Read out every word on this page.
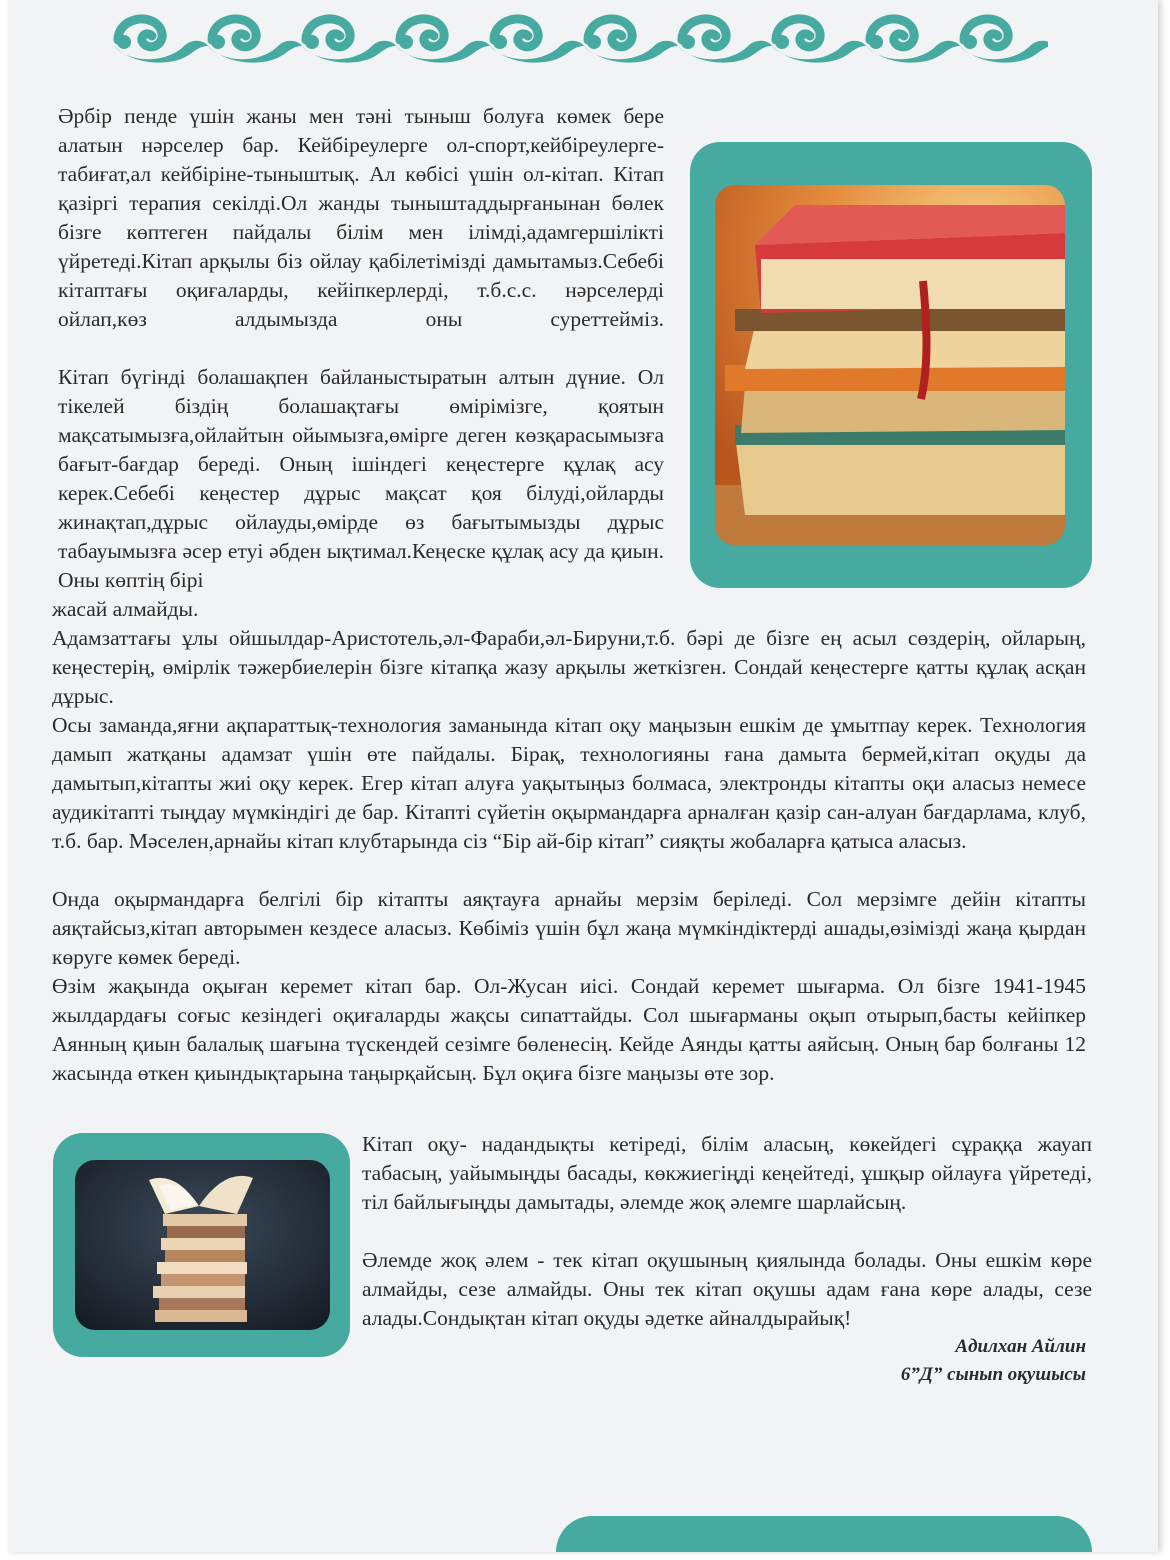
Әрбір пенде үшін жаны мен тәні тыныш болуға көмек бере алатын нәрселер бар. Кейбіреулерге ол-спорт,кейбіреулерге-табиғат,ал кейбіріне-тыныштық. Ал көбісі үшін ол-кітап. Кітап қазіргі терапия секілді.Ол жанды тыныштаддырғанынан бөлек бізге көптеген пайдалы білім мен ілімді,адамгершілікті үйретеді.Кітап арқылы біз ойлау қабілетімізді дамытамыз.Себебі кітаптағы оқиғаларды, кейіпкерлерді, т.б.с.с. нәрселерді ойлап,көз алдымызда оны суреттейміз.

Кітап бүгінді болашақпен байланыстыратын алтын дүние. Ол тікелей біздің болашақтағы өмірімізге, қоятын мақсатымызға,ойлайтын ойымызға,өмірге деген көзқарасымызға бағыт-бағдар береді. Оның ішіндегі кеңестерге құлақ асу керек.Себебі кеңестер дұрыс мақсат қоя білуді,ойларды жинақтап,дұрыс ойлауды,өмірде өз бағытымызды дұрыс табауымызға әсер етуі әбден ықтимал.Кеңеске құлақ асу да қиын. Оны көптің бірі

жасай алмайды.

Адамзаттағы ұлы ойшылдар-Аристотель,әл-Фараби,әл-Бируни,т.б. бәрі де бізге ең асыл сөздерің, ойларың, кеңестерің, өмірлік тәжербиелерін бізге кітапқа жазу арқылы жеткізген. Сондай кеңестерге қатты құлақ асқан дұрыс.

Осы заманда,яғни ақпараттық-технология заманында кітап оқу маңызын ешкім де ұмытпау керек. Технология дамып жатқаны адамзат үшін өте пайдалы. Бірақ, технологияны ғана дамыта бермей,кітап оқуды да дамытып,кітапты жиі оқу керек. Егер кітап алуға уақытыңыз болмаса, электронды кітапты оқи аласыз немесе аудикітапті тыңдау мүмкіндігі де бар. Кітапті сүйетін оқырмандарға арналған қазір сан-алуан бағдарлама, клуб, т.б. бар. Мәселен,арнайы кітап клубтарында сіз “Бір ай-бір кітап” сияқты жобаларға қатыса аласыз.

Онда оқырмандарға белгілі бір кітапты аяқтауға арнайы мерзім беріледі. Сол мерзімге дейін кітапты аяқтайсыз,кітап авторымен кездесе аласыз. Көбіміз үшін бұл жаңа мүмкіндіктерді ашады,өзімізді жаңа қырдан көруге көмек береді.

Өзім жақында оқыған керемет кітап бар. Ол-Жусан иісі. Сондай керемет шығарма. Ол бізге 1941-1945 жылдардағы соғыс кезіндегі оқиғаларды жақсы сипаттайды. Сол шығарманы оқып отырып,басты кейіпкер Аянның қиын балалық шағына түскендей сезімге бөленесің. Кейде Аянды қатты аяйсың. Оның бар болғаны 12 жасында өткен қиындықтарына таңырқайсың. Бұл оқиға бізге маңызы өте зор.

Кітап оқу- надандықты кетіреді, білім аласың, көкейдегі сұраққа жауап табасың, уайымыңды басады, көкжиегіңді кеңейтеді, ұшқыр ойлауға үйретеді, тіл байлығыңды дамытады, әлемде жоқ әлемге шарлайсың.

Әлемде жоқ әлем - тек кітап оқушының қиялында болады. Оны ешкім көре алмайды, сезе алмайды. Оны тек кітап оқушы адам ғана көре алады, сезе алады.Сондықтан кітап оқуды әдетке айналдырайық!

Адилхан Айлин
6”Д” сынып оқушысы
